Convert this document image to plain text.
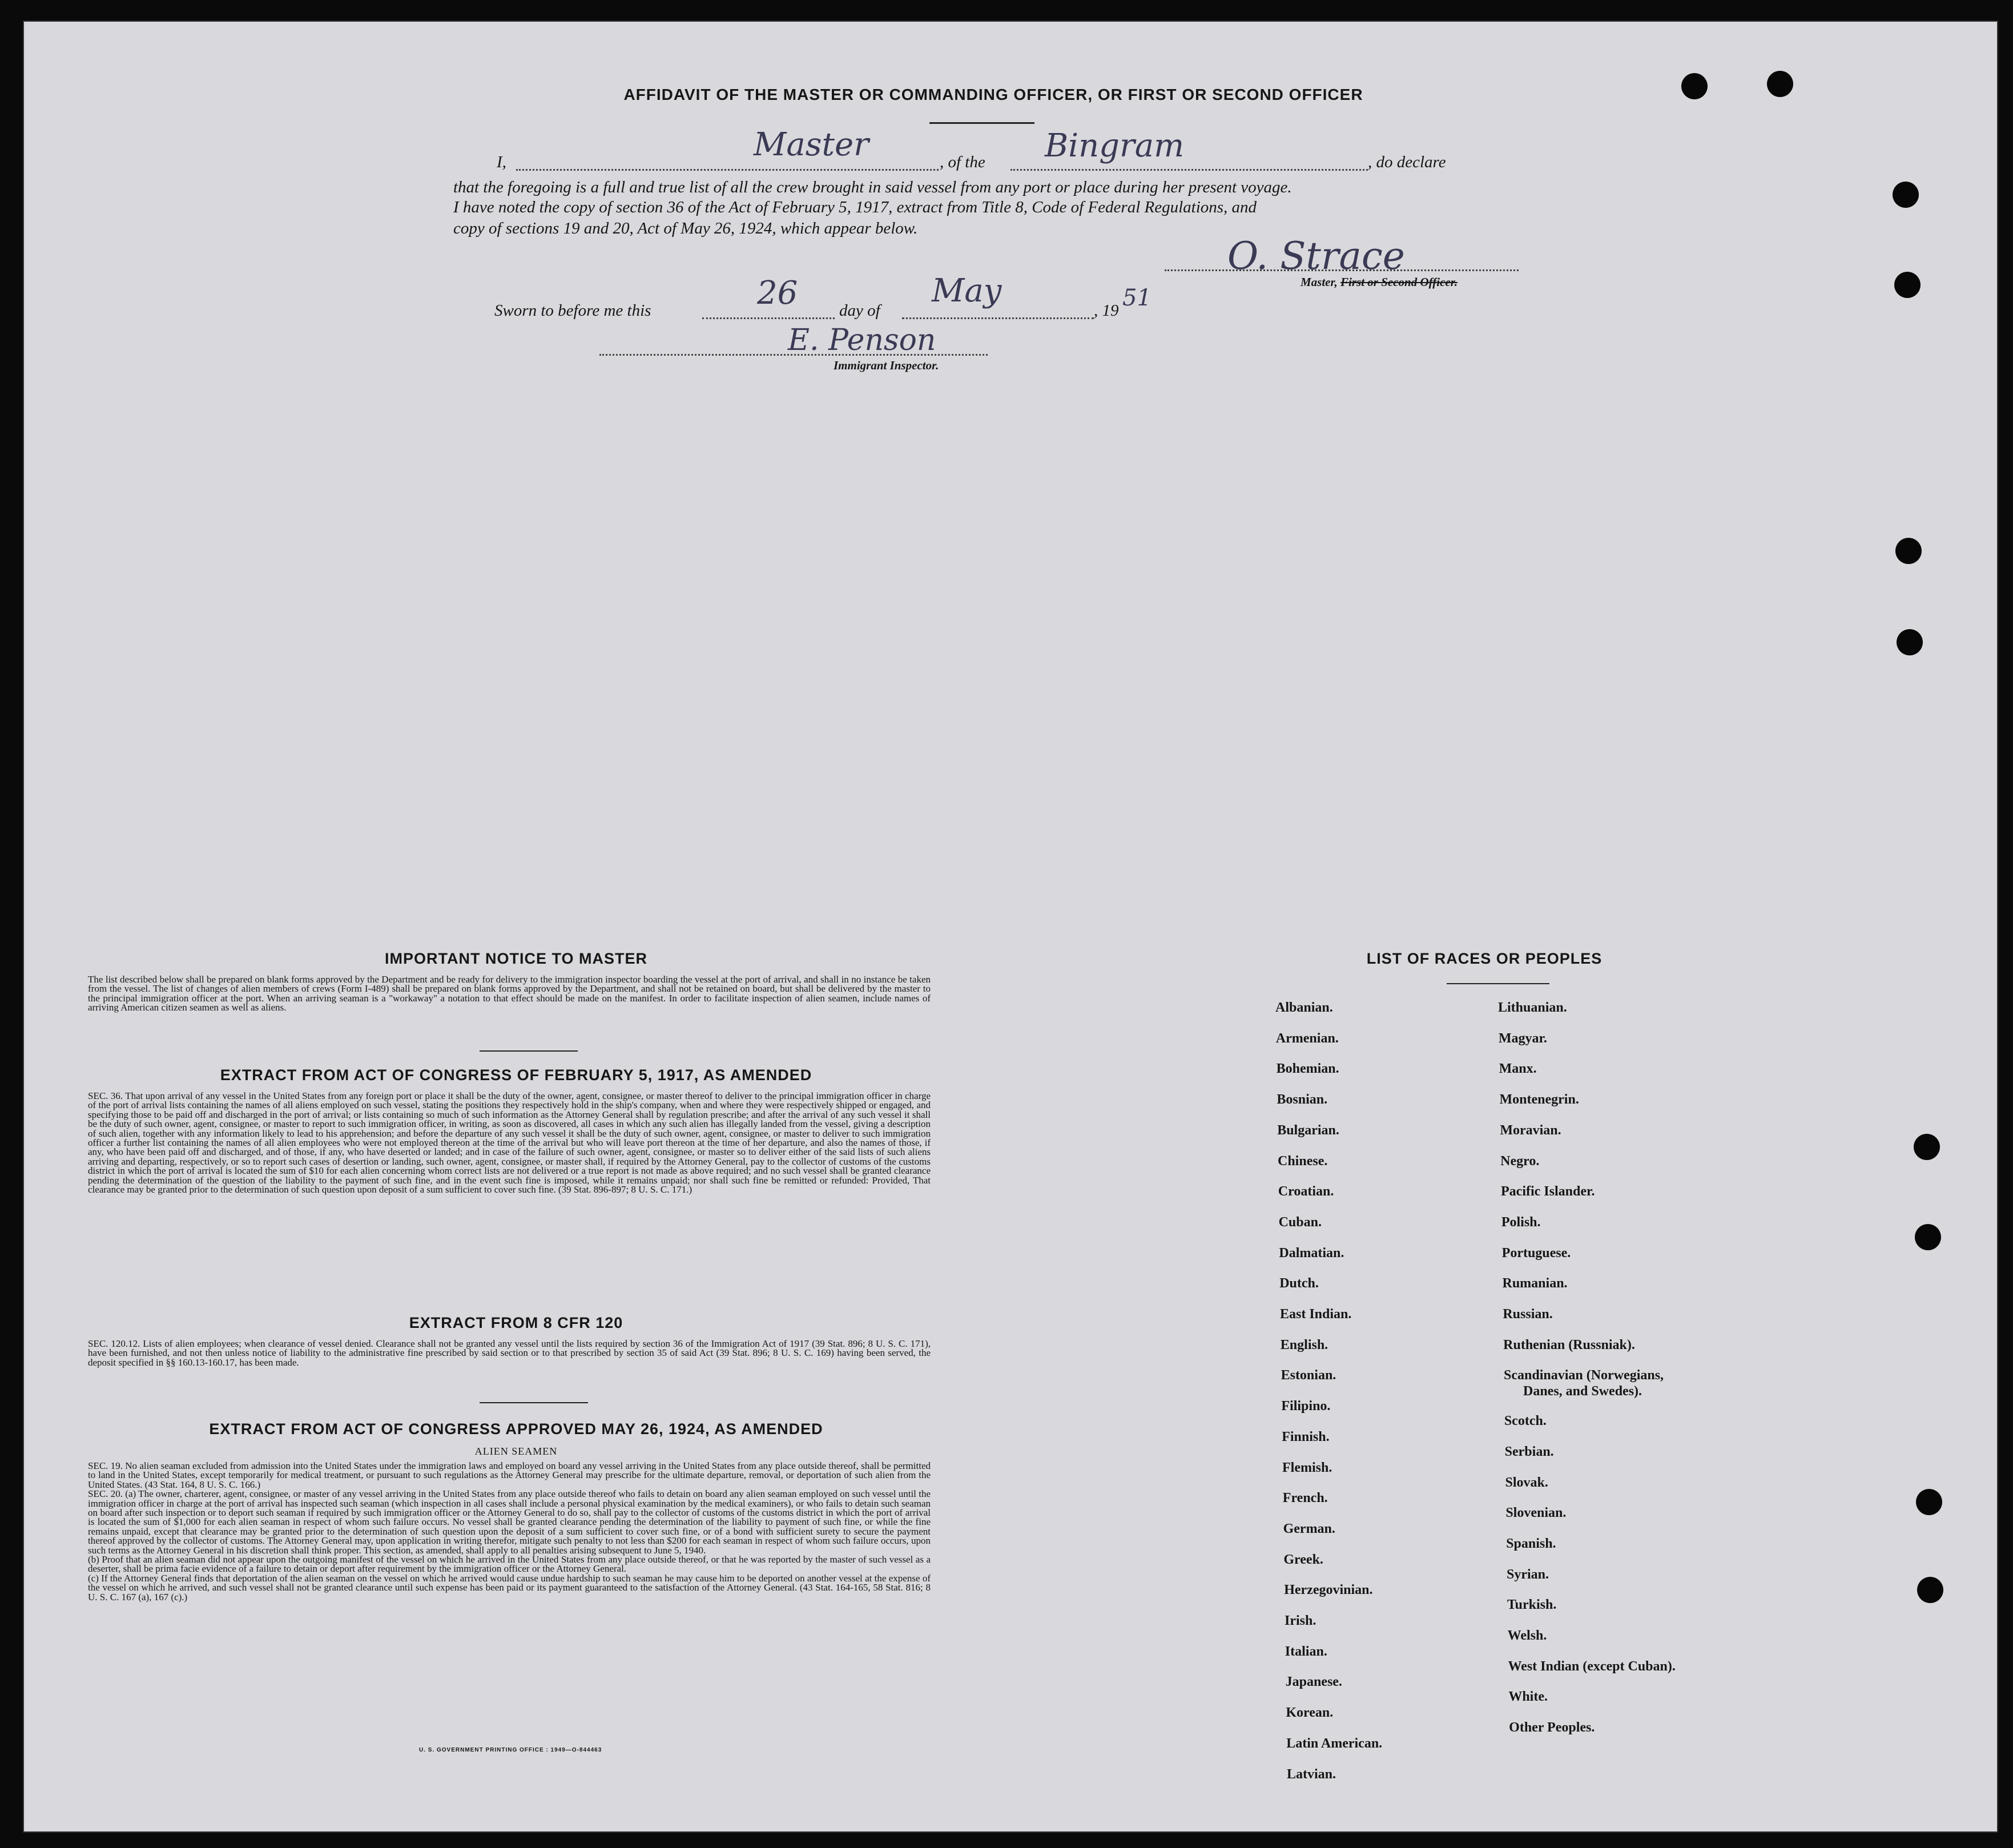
AFFIDAVIT OF THE MASTER OR COMMANDING OFFICER, OR FIRST OR SECOND OFFICER
I,	Master	, of the Bingram	, do declare
that the foregoing is a full and true list of all the crew brought in said vessel from any port or place during her present voyage.
I have noted the copy of section 36 of the Act of February 5, 1917, extract from Title 8, Code of Federal Regulations, and
copy of sections 19 and 20, Act of May 26, 1924, which appear below.
O. Strace
Master, First or Second Officer.
Sworn to before me this	26	day of
May
, 19 51
E. Penson
Immigrant Inspector.
IMPORTANT NOTICE TO MASTER
The list described below shall be prepared on blank forms approved by the Department and be ready for delivery to the immigration inspector boarding the vessel at the port of arrival, and shall in no instance be taken from the vessel. The list of changes of alien members of crews (Form I-489) shall be prepared on blank forms approved by the Department, and shall not be retained on board, but shall be delivered by the master to the principal immigration officer at the port. When an arriving seaman is a "workaway" a notation to that effect should be made on the manifest. In order to facilitate inspection of alien seamen, include names of arriving American citizen seamen as well as aliens.
EXTRACT FROM ACT OF CONGRESS OF FEBRUARY 5, 1917, AS AMENDED
SEC. 36. That upon arrival of any vessel in the United States from any foreign port or place it shall be the duty of the owner, agent, consignee, or master thereof to deliver to the principal immigration officer in charge of the port of arrival lists containing the names of all aliens employed on such vessel, stating the positions they respectively hold in the ship's company, when and where they were respectively shipped or engaged, and specifying those to be paid off and discharged in the port of arrival; or lists containing so much of such information as the Attorney General shall by regulation prescribe; and after the arrival of any such vessel it shall be the duty of such owner, agent, consignee, or master to report to such immigration officer, in writing, as soon as discovered, all cases in which any such alien has illegally landed from the vessel, giving a description of such alien, together with any information likely to lead to his apprehension; and before the departure of any such vessel it shall be the duty of such owner, agent, consignee, or master to deliver to such immigration officer a further list containing the names of all alien employees who were not employed thereon at the time of the arrival but who will leave port thereon at the time of her departure, and also the names of those, if any, who have been paid off and discharged, and of those, if any, who have deserted or landed; and in case of the failure of such owner, agent, consignee, or master so to deliver either of the said lists of such aliens arriving and departing, respectively, or so to report such cases of desertion or landing, such owner, agent, consignee, or master shall, if required by the Attorney General, pay to the collector of customs of the customs district in which the port of arrival is located the sum of $10 for each alien concerning whom correct lists are not delivered or a true report is not made as above required; and no such vessel shall be granted clearance pending the determination of the question of the liability to the payment of such fine, and in the event such fine is imposed, while it remains unpaid; nor shall such fine be remitted or refunded: Provided, That clearance may be granted prior to the determination of such question upon deposit of a sum sufficient to cover such fine. (39 Stat. 896-897; 8 U. S. C. 171.)
EXTRACT FROM 8 CFR 120
SEC. 120.12. Lists of alien employees; when clearance of vessel denied. Clearance shall not be granted any vessel until the lists required by section 36 of the Immigration Act of 1917 (39 Stat. 896; 8 U. S. C. 171), have been furnished, and not then unless notice of liability to the administrative fine prescribed by said section or to that prescribed by section 35 of said Act (39 Stat. 896; 8 U. S. C. 169) having been served, the deposit specified in §§ 160.13-160.17, has been made.
EXTRACT FROM ACT OF CONGRESS APPROVED MAY 26, 1924, AS AMENDED
ALIEN SEAMEN
SEC. 19. No alien seaman excluded from admission into the United States under the immigration laws and employed on board any vessel arriving in the United States from any place outside thereof, shall be permitted to land in the United States, except temporarily for medical treatment, or pursuant to such regulations as the Attorney General may prescribe for the ultimate departure, removal, or deportation of such alien from the United States. (43 Stat. 164, 8 U. S. C. 166.)
SEC. 20. (a) The owner, charterer, agent, consignee, or master of any vessel arriving in the United States from any place outside thereof who fails to detain on board any alien seaman employed on such vessel until the immigration officer in charge at the port of arrival has inspected such seaman (which inspection in all cases shall include a personal physical examination by the medical examiners), or who fails to detain such seaman on board after such inspection or to deport such seaman if required by such immigration officer or the Attorney General to do so, shall pay to the collector of customs of the customs district in which the port of arrival is located the sum of $1,000 for each alien seaman in respect of whom such failure occurs. No vessel shall be granted clearance pending the determination of the liability to payment of such fine, or while the fine remains unpaid, except that clearance may be granted prior to the determination of such question upon the deposit of a sum sufficient to cover such fine, or of a bond with sufficient surety to secure the payment thereof approved by the collector of customs. The Attorney General may, upon application in writing therefor, mitigate such penalty to not less than $200 for each seaman in respect of whom such failure occurs, upon such terms as the Attorney General in his discretion shall think proper. This section, as amended, shall apply to all penalties arising subsequent to June 5, 1940.
(b) Proof that an alien seaman did not appear upon the outgoing manifest of the vessel on which he arrived in the United States from any place outside thereof, or that he was reported by the master of such vessel as a deserter, shall be prima facie evidence of a failure to detain or deport after requirement by the immigration officer or the Attorney General.
(c) If the Attorney General finds that deportation of the alien seaman on the vessel on which he arrived would cause undue hardship to such seaman he may cause him to be deported on another vessel at the expense of the vessel on which he arrived, and such vessel shall not be granted clearance until such expense has been paid or its payment guaranteed to the satisfaction of the Attorney General. (43 Stat. 164-165, 58 Stat. 816; 8 U. S. C. 167 (a), 167 (c).)
U. S. GOVERNMENT PRINTING OFFICE : 1949—O-844463
LIST OF RACES OR PEOPLES
Albanian.
Armenian.
Bohemian.
Bosnian.
Bulgarian.
Chinese.
Croatian.
Cuban.
Dalmatian.
Dutch.
East Indian.
English.
Estonian.
Filipino.
Finnish.
Flemish.
French.
German.
Greek.
Herzegovinian.
Irish.
Italian.
Japanese.
Korean.
Latin American.
Latvian.
Lithuanian.
Magyar.
Manx.
Montenegrin.
Moravian.
Negro.
Pacific Islander.
Polish.
Portuguese.
Rumanian.
Russian.
Ruthenian (Russniak).
Scandinavian (Norwegians,
Danes, and Swedes).
Scotch.
Serbian.
Slovak.
Slovenian.
Spanish.
Syrian.
Turkish.
Welsh.
West Indian (except Cuban).
White.
Other Peoples.
